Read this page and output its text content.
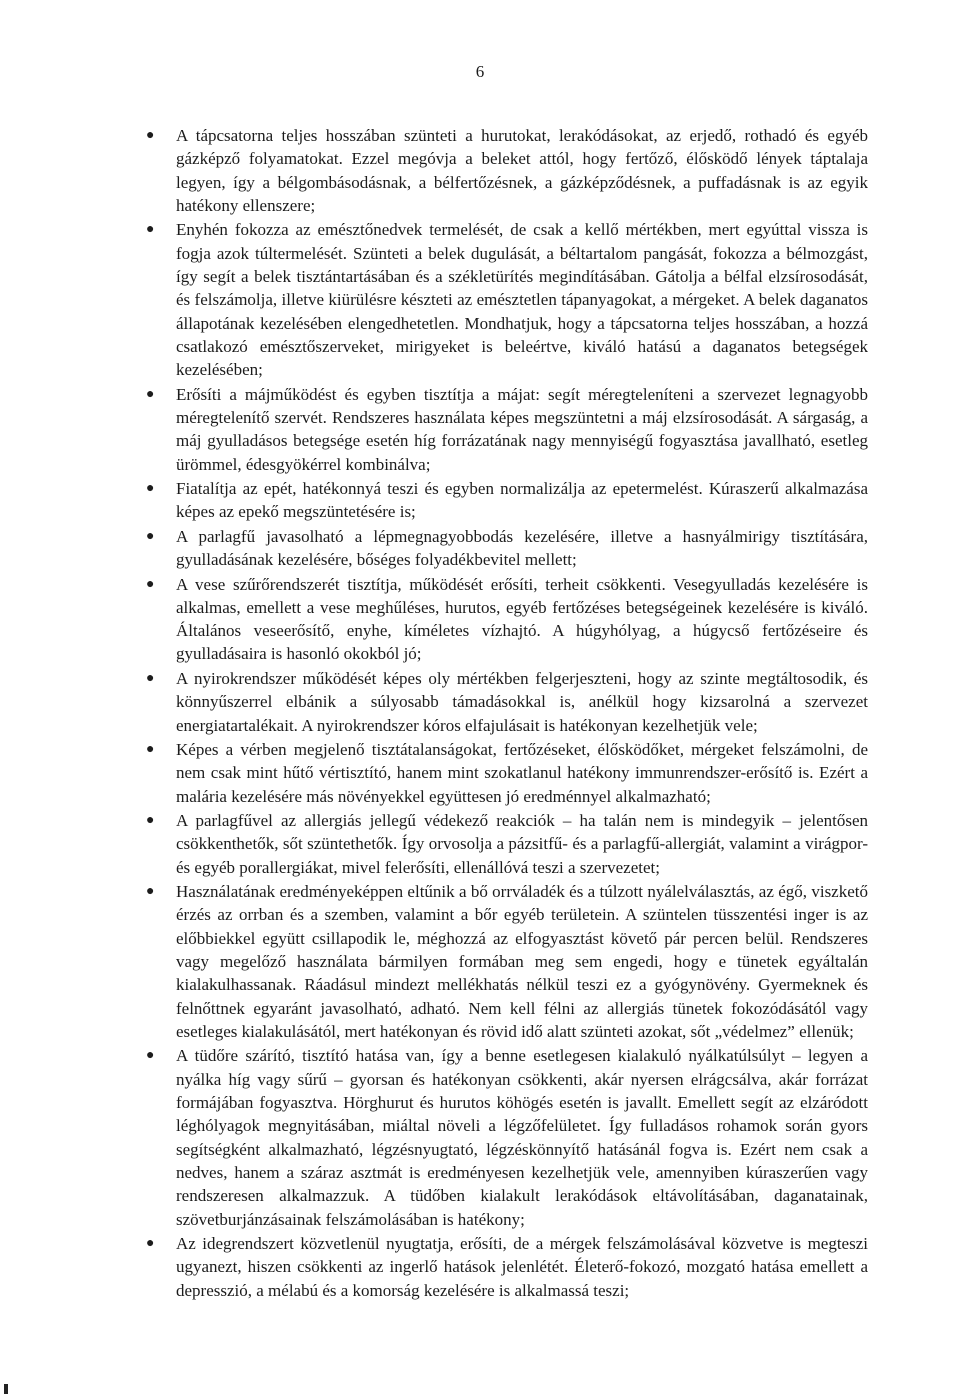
6
● A tápcsatorna teljes hosszában szünteti a hurutokat, lerakódásokat, az erjedő, rothadó és egyéb gázképző folyamatokat. Ezzel megóvja a beleket attól, hogy fertőző, élősködő lények táptalaja legyen, így a bélgombásodásnak, a bélfertőzésnek, a gázképződésnek, a puffadásnak is az egyik hatékony ellenszere;
● Enyhén fokozza az emésztőnedvek termelését, de csak a kellő mértékben, mert egyúttal vissza is fogja azok túltermelését. Szünteti a belek dugulását, a béltartalom pangását, fokozza a bélmozgást, így segít a belek tisztántartásában és a székletürítés megindításában. Gátolja a bélfal elzsírosodását, és felszámolja, illetve kiürülésre készteti az emésztetlen tápanyagokat, a mérgeket. A belek daganatos állapotának kezelésében elengedhetetlen. Mondhatjuk, hogy a tápcsatorna teljes hosszában, a hozzá csatlakozó emésztőszerveket, mirigyeket is beleértve, kiváló hatású a daganatos betegségek kezelésében;
● Erősíti a májműködést és egyben tisztítja a májat: segít méregteleníteni a szervezet legnagyobb méregtelenítő szervét. Rendszeres használata képes megszüntetni a máj elzsírosodását. A sárgaság, a máj gyulladásos betegsége esetén híg forrázatának nagy mennyiségű fogyasztása javallható, esetleg ürömmel, édesgyökérrel kombinálva;
● Fiatalítja az epét, hatékonnyá teszi és egyben normalizálja az epetermelést. Kúraszerű alkalmazása képes az epekő megszüntetésére is;
● A parlagfű javasolható a lépmegnagyobbodás kezelésére, illetve a hasnyálmirigy tisztítására, gyulladásának kezelésére, bőséges folyadékbevitel mellett;
● A vese szűrőrendszerét tisztítja, működését erősíti, terheit csökkenti. Vesegyulladás kezelésére is alkalmas, emellett a vese meghűléses, hurutos, egyéb fertőzéses betegségeinek kezelésére is kiváló. Általános veseerősítő, enyhe, kíméletes vízhajtó. A húgyhólyag, a húgycső fertőzéseire és gyulladásaira is hasonló okokból jó;
● A nyirokrendszer működését képes oly mértékben felgerjeszteni, hogy az szinte megtáltosodik, és könnyűszerrel elbánik a súlyosabb támadásokkal is, anélkül hogy kizsarolná a szervezet energiatartalékait. A nyirokrendszer kóros elfajulásait is hatékonyan kezelhetjük vele;
● Képes a vérben megjelenő tisztátalanságokat, fertőzéseket, élősködőket, mérgeket felszámolni, de nem csak mint hűtő vértisztító, hanem mint szokatlanul hatékony immunrendszer-erősítő is. Ezért a malária kezelésére más növényekkel együttesen jó eredménnyel alkalmazható;
● A parlagfűvel az allergiás jellegű védekező reakciók – ha talán nem is mindegyik – jelentősen csökkenthetők, sőt szüntethetők. Így orvosolja a pázsitfű- és a parlagfű-allergiát, valamint a virágpor- és egyéb porallergiákat, mivel felerősíti, ellenállóvá teszi a szervezetet;
● Használatának eredményeképpen eltűnik a bő orrváladék és a túlzott nyálelválasztás, az égő, viszkető érzés az orrban és a szemben, valamint a bőr egyéb területein. A szüntelen tüsszentési inger is az előbbiekkel együtt csillapodik le, méghozzá az elfogyasztást követő pár percen belül. Rendszeres vagy megelőző használata bármilyen formában meg sem engedi, hogy e tünetek egyáltalán kialakulhassanak. Ráadásul mindezt mellékhatás nélkül teszi ez a gyógynövény. Gyermeknek és felnőttnek egyaránt javasolható, adható. Nem kell félni az allergiás tünetek fokozódásától vagy esetleges kialakulásától, mert hatékonyan és rövid idő alatt szünteti azokat, sőt „védelmez” ellenük;
● A tüdőre szárító, tisztító hatása van, így a benne esetlegesen kialakuló nyálkatúlsúlyt – legyen a nyálka híg vagy sűrű – gyorsan és hatékonyan csökkenti, akár nyersen elrágcsálva, akár forrázat formájában fogyasztva. Hörghurut és hurutos köhögés esetén is javallt. Emellett segít az elzáródott léghólyagok megnyitásában, miáltal növeli a légzőfelületet. Így fulladásos rohamok során gyors segítségként alkalmazható, légzésnyugtató, légzéskönnyítő hatásánál fogva is. Ezért nem csak a nedves, hanem a száraz asztmát is eredményesen kezelhetjük vele, amennyiben kúraszerűen vagy rendszeresen alkalmazzuk. A tüdőben kialakult lerakódások eltávolításában, daganatainak, szövetburjánzásainak felszámolásában is hatékony;
● Az idegrendszert közvetlenül nyugtatja, erősíti, de a mérgek felszámolásával közvetve is megteszi ugyanezt, hiszen csökkenti az ingerlő hatások jelenlétét. Életerő-fokozó, mozgató hatása emellett a depresszió, a mélabú és a komorság kezelésére is alkalmassá teszi;
